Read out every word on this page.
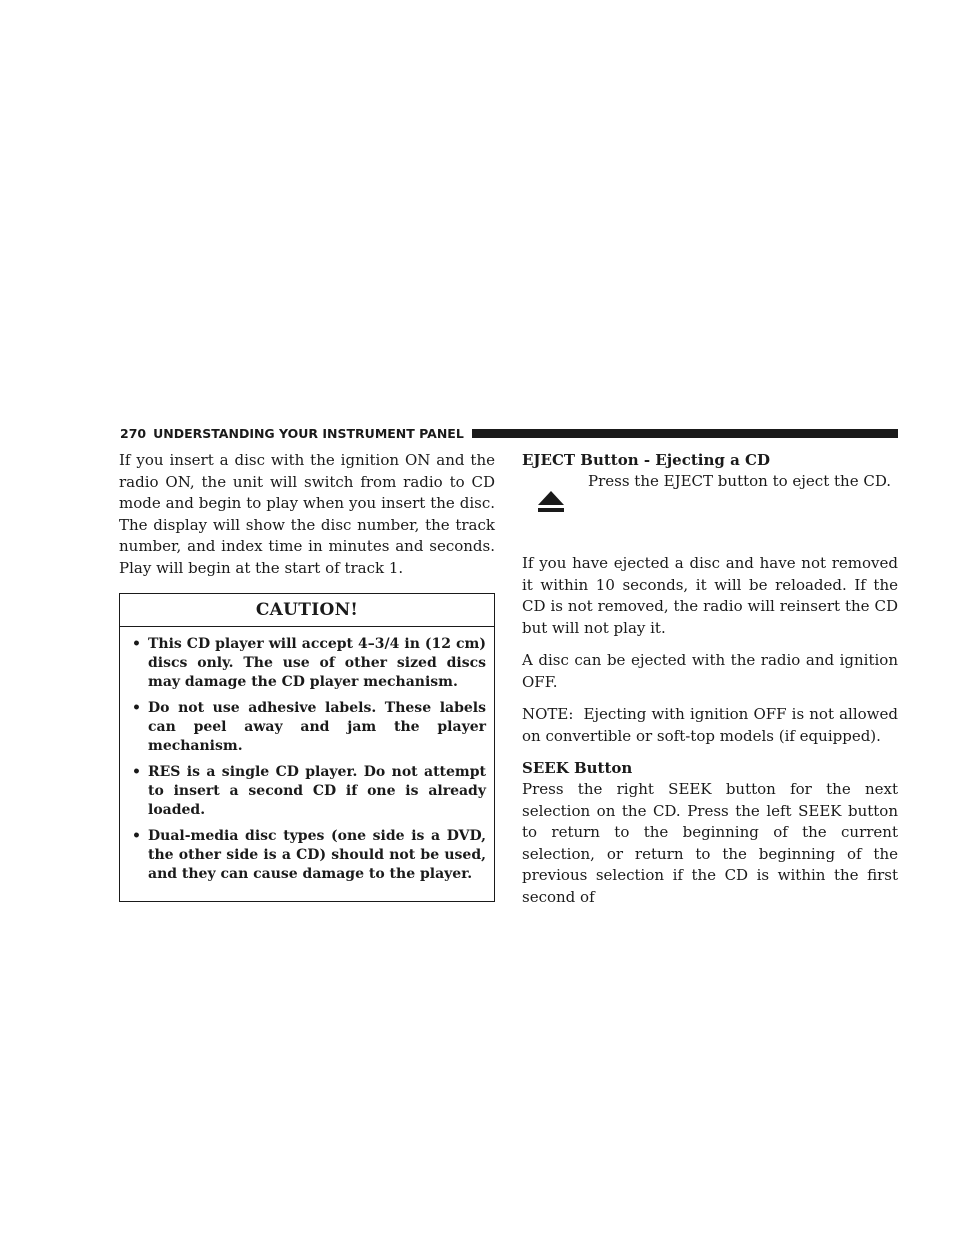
270 UNDERSTANDING YOUR INSTRUMENT PANEL

If you insert a disc with the ignition ON and the radio ON, the unit will switch from radio to CD mode and begin to play when you insert the disc. The display will show the disc number, the track number, and index time in minutes and seconds. Play will begin at the start of track 1.

CAUTION!
• This CD player will accept 4–3/4 in (12 cm) discs only. The use of other sized discs may damage the CD player mechanism.
• Do not use adhesive labels. These labels can peel away and jam the player mechanism.
• RES is a single CD player. Do not attempt to insert a second CD if one is already loaded.
• Dual-media disc types (one side is a DVD, the other side is a CD) should not be used, and they can cause damage to the player.

EJECT Button - Ejecting a CD

Press the EJECT button to eject the CD.

If you have ejected a disc and have not removed it within 10 seconds, it will be reloaded. If the CD is not removed, the radio will reinsert the CD but will not play it.

A disc can be ejected with the radio and ignition OFF.

NOTE: Ejecting with ignition OFF is not allowed on convertible or soft-top models (if equipped).

SEEK Button

Press the right SEEK button for the next selection on the CD. Press the left SEEK button to return to the beginning of the current selection, or return to the beginning of the previous selection if the CD is within the first second of
